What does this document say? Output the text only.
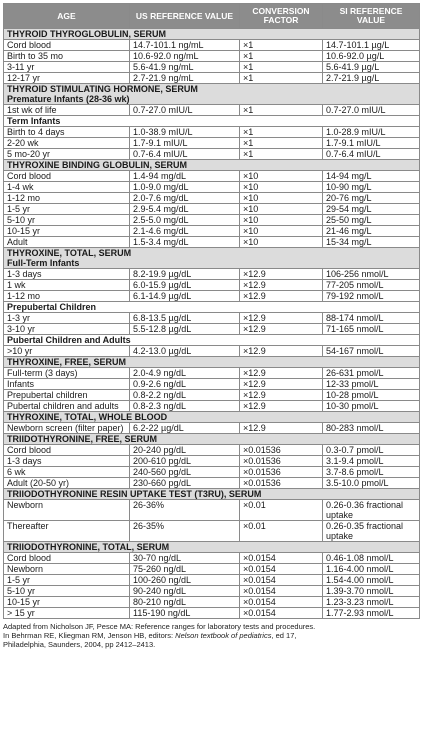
AGE	US REFERENCE VALUE	CONVERSION FACTOR	SI REFERENCE VALUE

THYROID THYROGLOBULIN, SERUM			

Cord blood	14.7-101.1 ng/mL	×1	14.7-101.1 µg/L
Birth to 35 mo	10.6-92.0 ng/mL	×1	10.6-92.0 µg/L
3-11 yr	5.6-41.9 ng/mL	×1	5.6-41.9 µg/L
12-17 yr	2.7-21.9 ng/mL	×1	2.7-21.9 µg/L

THYROID STIMULATING HORMONE, SERUM
Premature Infants (28-36 wk)			

1st wk of life	0.7-27.0 mIU/L	×1	0.7-27.0 mIU/L

Term Infants			

Birth to 4 days	1.0-38.9 mIU/L	×1	1.0-28.9 mIU/L
2-20 wk	1.7-9.1 mIU/L	×1	1.7-9.1 mIU/L
5 mo-20 yr	0.7-6.4 mIU/L	×1	0.7-6.4 mIU/L

THYROXINE BINDING GLOBULIN, SERUM			

Cord blood	1.4-94 mg/dL	×10	14-94 mg/L
1-4 wk	1.0-9.0 mg/dL	×10	10-90 mg/L
1-12 mo	2.0-7.6 mg/dL	×10	20-76 mg/L
1-5 yr	2.9-5.4 mg/dL	×10	29-54 mg/L
5-10 yr	2.5-5.0 mg/dL	×10	25-50 mg/L
10-15 yr	2.1-4.6 mg/dL	×10	21-46 mg/L
Adult	1.5-3.4 mg/dL	×10	15-34 mg/L

THYROXINE, TOTAL, SERUM
Full-Term Infants			

1-3 days	8.2-19.9 µg/dL	×12.9	106-256 nmol/L
1 wk	6.0-15.9 µg/dL	×12.9	77-205 nmol/L
1-12 mo	6.1-14.9 µg/dL	×12.9	79-192 nmol/L

Prepubertal Children			

1-3 yr	6.8-13.5 µg/dL	×12.9	88-174 nmol/L
3-10 yr	5.5-12.8 µg/dL	×12.9	71-165 nmol/L

Pubertal Children and Adults			

>10 yr	4.2-13.0 µg/dL	×12.9	54-167 nmol/L

THYROXINE, FREE, SERUM			

Full-term (3 days)	2.0-4.9 ng/dL	×12.9	26-631 pmol/L
Infants	0.9-2.6 ng/dL	×12.9	12-33 pmol/L
Prepubertal children	0.8-2.2 ng/dL	×12.9	10-28 pmol/L
Pubertal children and adults	0.8-2.3 ng/dL	×12.9	10-30 pmol/L

THYROXINE, TOTAL, WHOLE BLOOD			

Newborn screen (filter paper)	6.2-22 µg/dL	×12.9	80-283 nmol/L

TRIIDOTHYRONINE, FREE, SERUM			

Cord blood	20-240 pg/dL	×0.01536	0.3-0.7 pmol/L
1-3 days	200-610 pg/dL	×0.01536	3.1-9.4 pmol/L
6 wk	240-560 pg/dL	×0.01536	3.7-8.6 pmol/L
Adult (20-50 yr)	230-660 pg/dL	×0.01536	3.5-10.0 pmol/L

TRIIODOTHYRONINE RESIN UPTAKE TEST (T3RU), SERUM			

Newborn	26-36%	×0.01	0.26-0.36 fractional uptake
Thereafter	26-35%	×0.01	0.26-0.35 fractional uptake

TRIIODOTHYRONINE, TOTAL, SERUM			

Cord blood	30-70 ng/dL	×0.0154	0.46-1.08 nmol/L
Newborn	75-260 ng/dL	×0.0154	1.16-4.00 nmol/L
1-5 yr	100-260 ng/dL	×0.0154	1.54-4.00 nmol/L
5-10 yr	90-240 ng/dL	×0.0154	1.39-3.70 nmol/L
10-15 yr	80-210 ng/dL	×0.0154	1.23-3.23 nmol/L
> 15 yr	115-190 ng/dL	×0.0154	1.77-2.93 nmol/L
Adapted from Nicholson JF, Pesce MA: Reference ranges for laboratory tests and procedures.
In Behrman RE, Kliegman RM, Jenson HB, editors: Nelson textbook of pediatrics, ed 17,
Philadelphia, Saunders, 2004, pp 2412–2413.
